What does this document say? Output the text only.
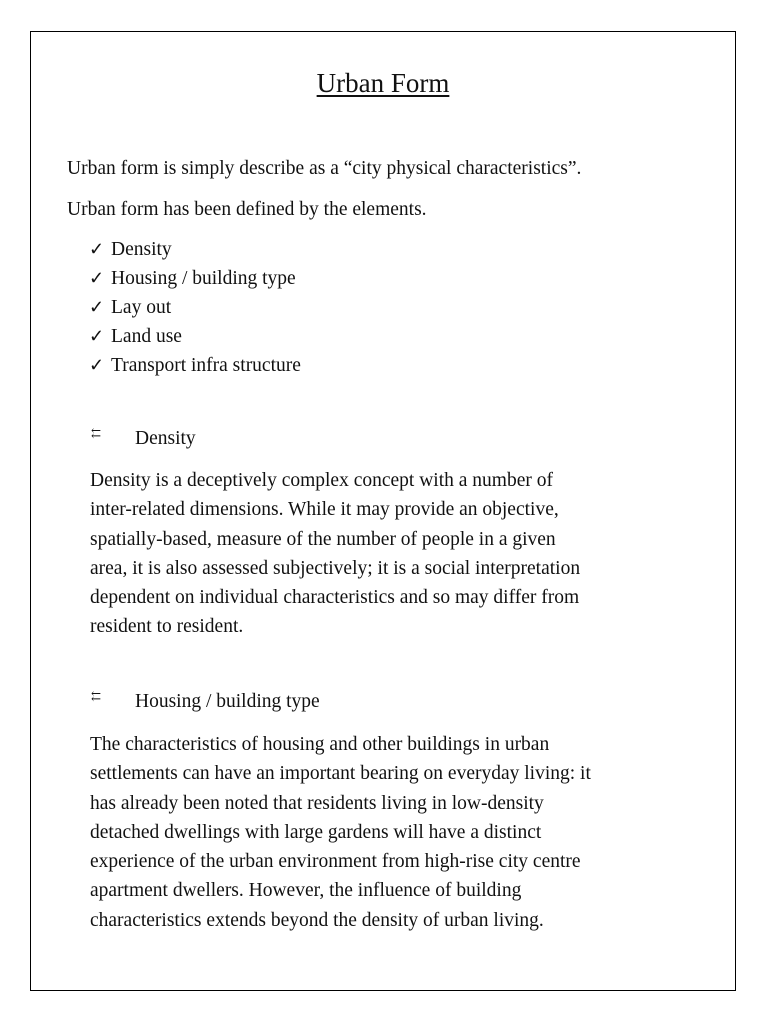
Urban Form

Urban form is simply describe as a “city physical characteristics”.

Urban form has been defined by the elements.

✓ Density
✓ Housing / building type
✓ Lay out
✓ Land use
✓ Transport infra structure
⇇	Density
Density is a deceptively complex concept with a number of
inter-related dimensions. While it may provide an objective,
spatially-based, measure of the number of people in a given
area, it is also assessed subjectively; it is a social interpretation
dependent on individual characteristics and so may differ from
resident to resident.
⇇	Housing / building type
The characteristics of housing and other buildings in urban
settlements can have an important bearing on everyday living: it
has already been noted that residents living in low-density
detached dwellings with large gardens will have a distinct
experience of the urban environment from high-rise city centre
apartment dwellers. However, the influence of building
characteristics extends beyond the density of urban living.
